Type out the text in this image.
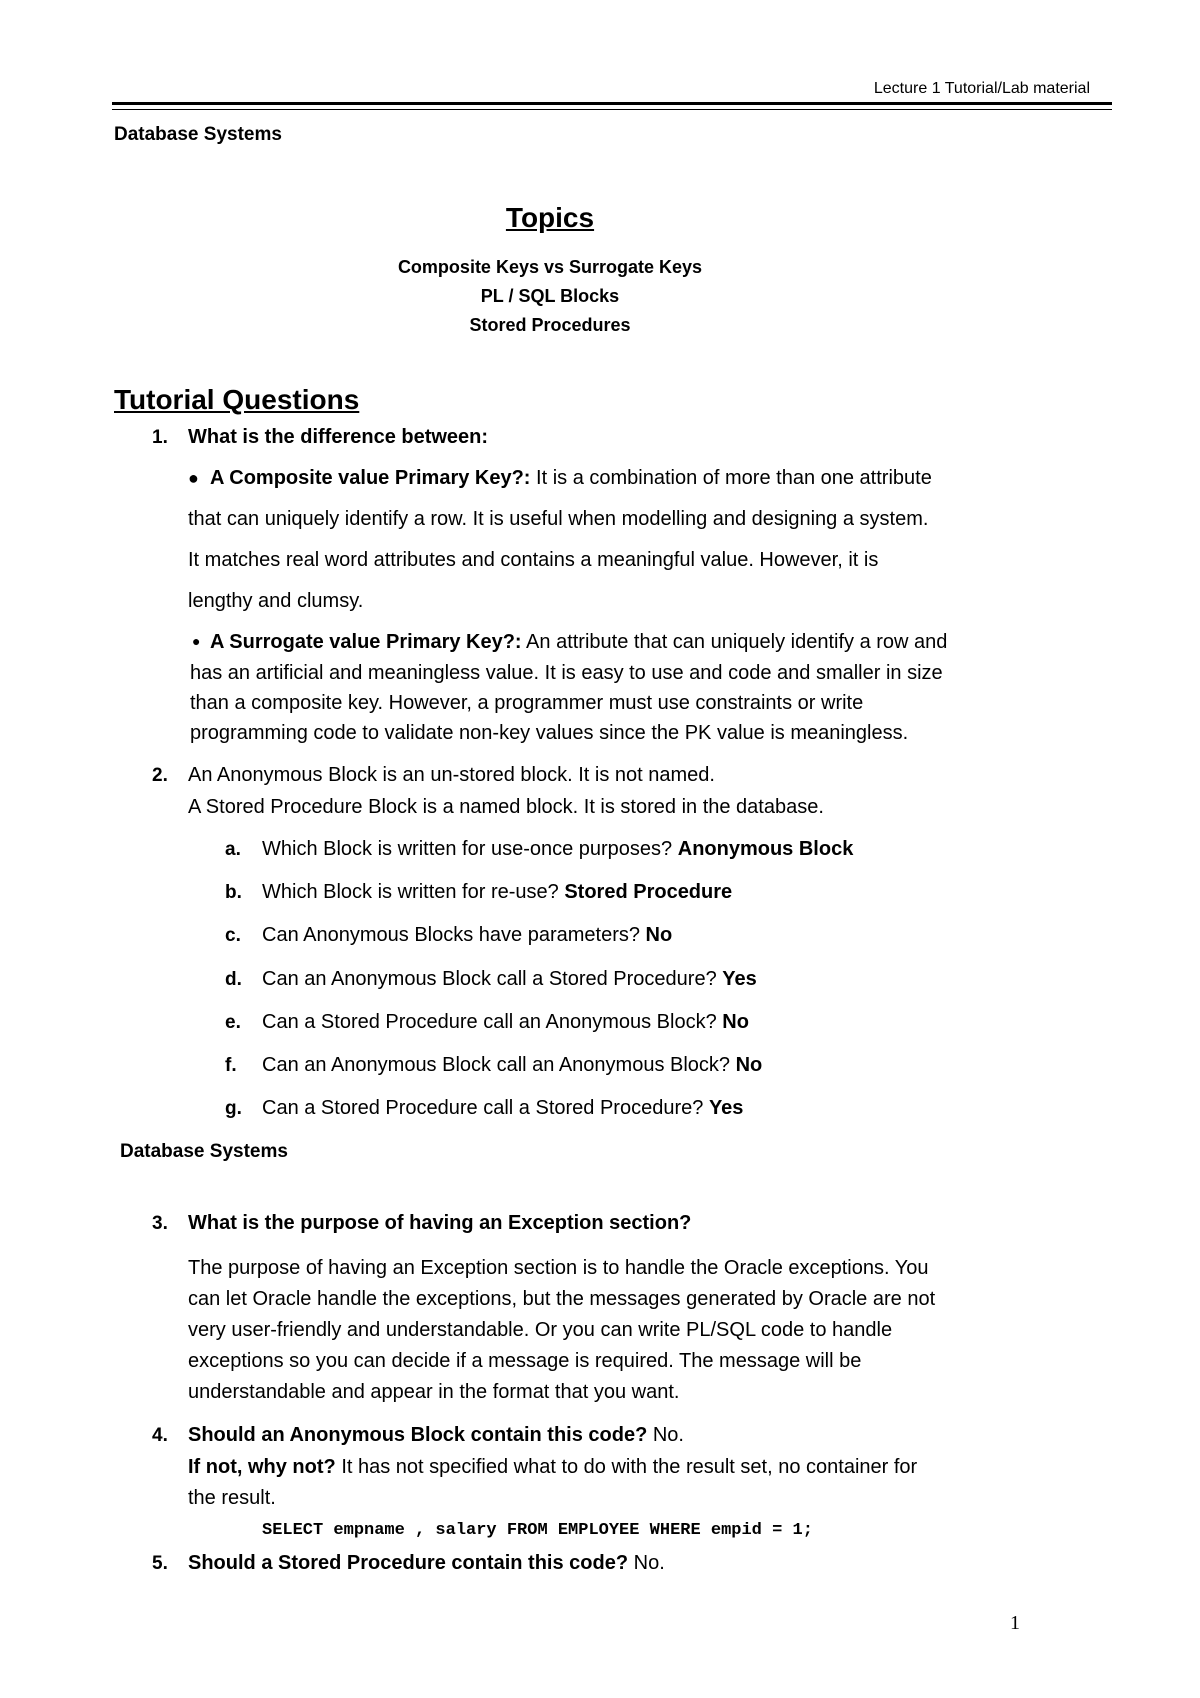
Lecture 1 Tutorial/Lab material
Database Systems
Topics
Composite Keys vs Surrogate Keys
PL / SQL Blocks
Stored Procedures
Tutorial Questions
1. What is the difference between:
● A Composite value Primary Key?: It is a combination of more than one attribute
that can uniquely identify a row. It is useful when modelling and designing a system.
It matches real word attributes and contains a meaningful value. However, it is
lengthy and clumsy.
● A Surrogate value Primary Key?: An attribute that can uniquely identify a row and
has an artificial and meaningless value. It is easy to use and code and smaller in size
than a composite key. However, a programmer must use constraints or write
programming code to validate non-key values since the PK value is meaningless.
2. An Anonymous Block is an un-stored block. It is not named.
A Stored Procedure Block is a named block. It is stored in the database.
a. Which Block is written for use-once purposes? Anonymous Block
b. Which Block is written for re-use? Stored Procedure
c. Can Anonymous Blocks have parameters? No
d. Can an Anonymous Block call a Stored Procedure? Yes
e. Can a Stored Procedure call an Anonymous Block? No
f. Can an Anonymous Block call an Anonymous Block? No
g. Can a Stored Procedure call a Stored Procedure? Yes
Database Systems
3. What is the purpose of having an Exception section?
The purpose of having an Exception section is to handle the Oracle exceptions. You
can let Oracle handle the exceptions, but the messages generated by Oracle are not
very user-friendly and understandable. Or you can write PL/SQL code to handle
exceptions so you can decide if a message is required. The message will be
understandable and appear in the format that you want.
4. Should an Anonymous Block contain this code? No.
If not, why not? It has not specified what to do with the result set, no container for
the result.
SELECT empname , salary FROM EMPLOYEE WHERE empid = 1;
5. Should a Stored Procedure contain this code? No.
1
